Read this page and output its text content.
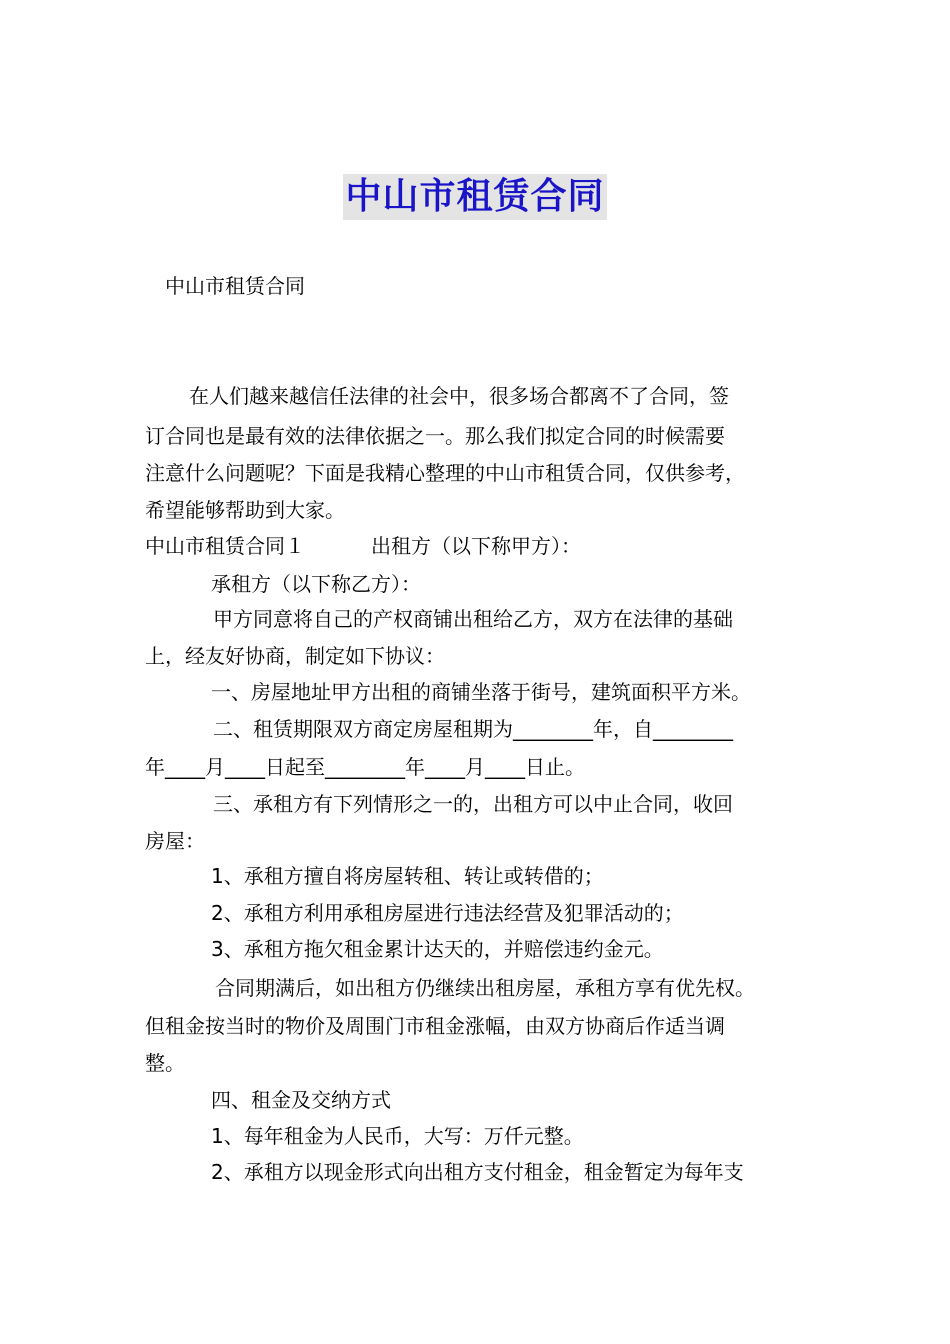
中山市租赁合同
中山市租赁合同
在人们越来越信任法律的社会中，很多场合都离不了合同，签
订合同也是最有效的法律依据之一。那么我们拟定合同的时候需要
注意什么问题呢？下面是我精心整理的中山市租赁合同，仅供参考，
希望能够帮助到大家。
中山市租赁合同１	出租方（以下称甲方）：
承租方（以下称乙方）：
甲方同意将自己的产权商铺出租给乙方，双方在法律的基础
上，经友好协商，制定如下协议：
一、房屋地址甲方出租的商铺坐落于街号，建筑面积平方米。
二、租赁期限双方商定房屋租期为________年，自________
年____月____日起至________年____月____日止。
三、承租方有下列情形之一的，出租方可以中止合同，收回
房屋：
1、承租方擅自将房屋转租、转让或转借的；
2、承租方利用承租房屋进行违法经营及犯罪活动的；
3、承租方拖欠租金累计达天的，并赔偿违约金元。
合同期满后，如出租方仍继续出租房屋，承租方享有优先权。
但租金按当时的物价及周围门市租金涨幅，由双方协商后作适当调
整。
四、租金及交纳方式
1、每年租金为人民币，大写：万仟元整。
2、承租方以现金形式向出租方支付租金，租金暂定为每年支
